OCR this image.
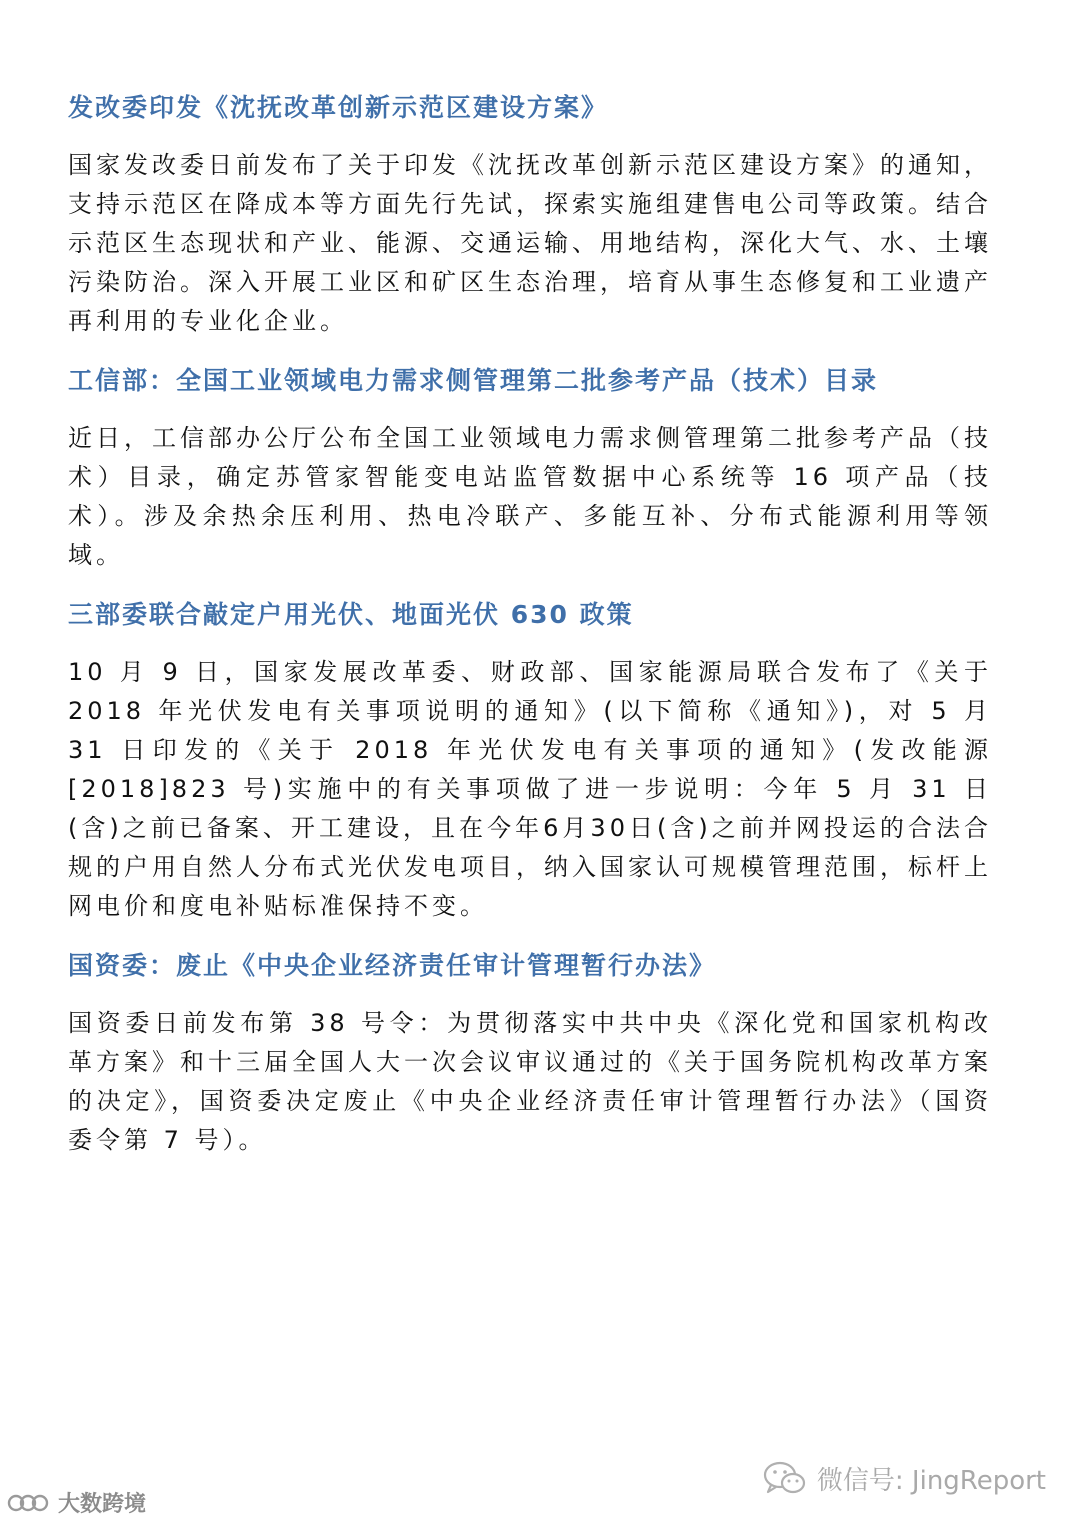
发改委印发《沈抚改革创新示范区建设方案》

国家发改委日前发布了关于印发《沈抚改革创新示范区建设方案》的通知，支持示范区在降成本等方面先行先试，探索实施组建售电公司等政策。结合示范区生态现状和产业、能源、交通运输、用地结构，深化大气、水、土壤污染防治。深入开展工业区和矿区生态治理，培育从事生态修复和工业遗产再利用的专业化企业。

工信部：全国工业领域电力需求侧管理第二批参考产品（技术）目录

近日，工信部办公厅公布全国工业领域电力需求侧管理第二批参考产品（技术）目录，确定苏管家智能变电站监管数据中心系统等 16 项产品（技术）。涉及余热余压利用、热电冷联产、多能互补、分布式能源利用等领域。

三部委联合敲定户用光伏、地面光伏 630 政策

10 月 9 日，国家发展改革委、财政部、国家能源局联合发布了《关于 2018 年光伏发电有关事项说明的通知》(以下简称《通知》)，对 5 月 31 日印发的《关于 2018 年光伏发电有关事项的通知》(发改能源[2018]823 号)实施中的有关事项做了进一步说明：今年 5 月 31 日(含)之前已备案、开工建设，且在今年6月30日(含)之前并网投运的合法合规的户用自然人分布式光伏发电项目，纳入国家认可规模管理范围，标杆上网电价和度电补贴标准保持不变。

国资委：废止《中央企业经济责任审计管理暂行办法》

国资委日前发布第 38 号令：为贯彻落实中共中央《深化党和国家机构改革方案》和十三届全国人大一次会议审议通过的《关于国务院机构改革方案的决定》，国资委决定废止《中央企业经济责任审计管理暂行办法》（国资委令第 7 号）。

微信号: JingReport
大数跨境
